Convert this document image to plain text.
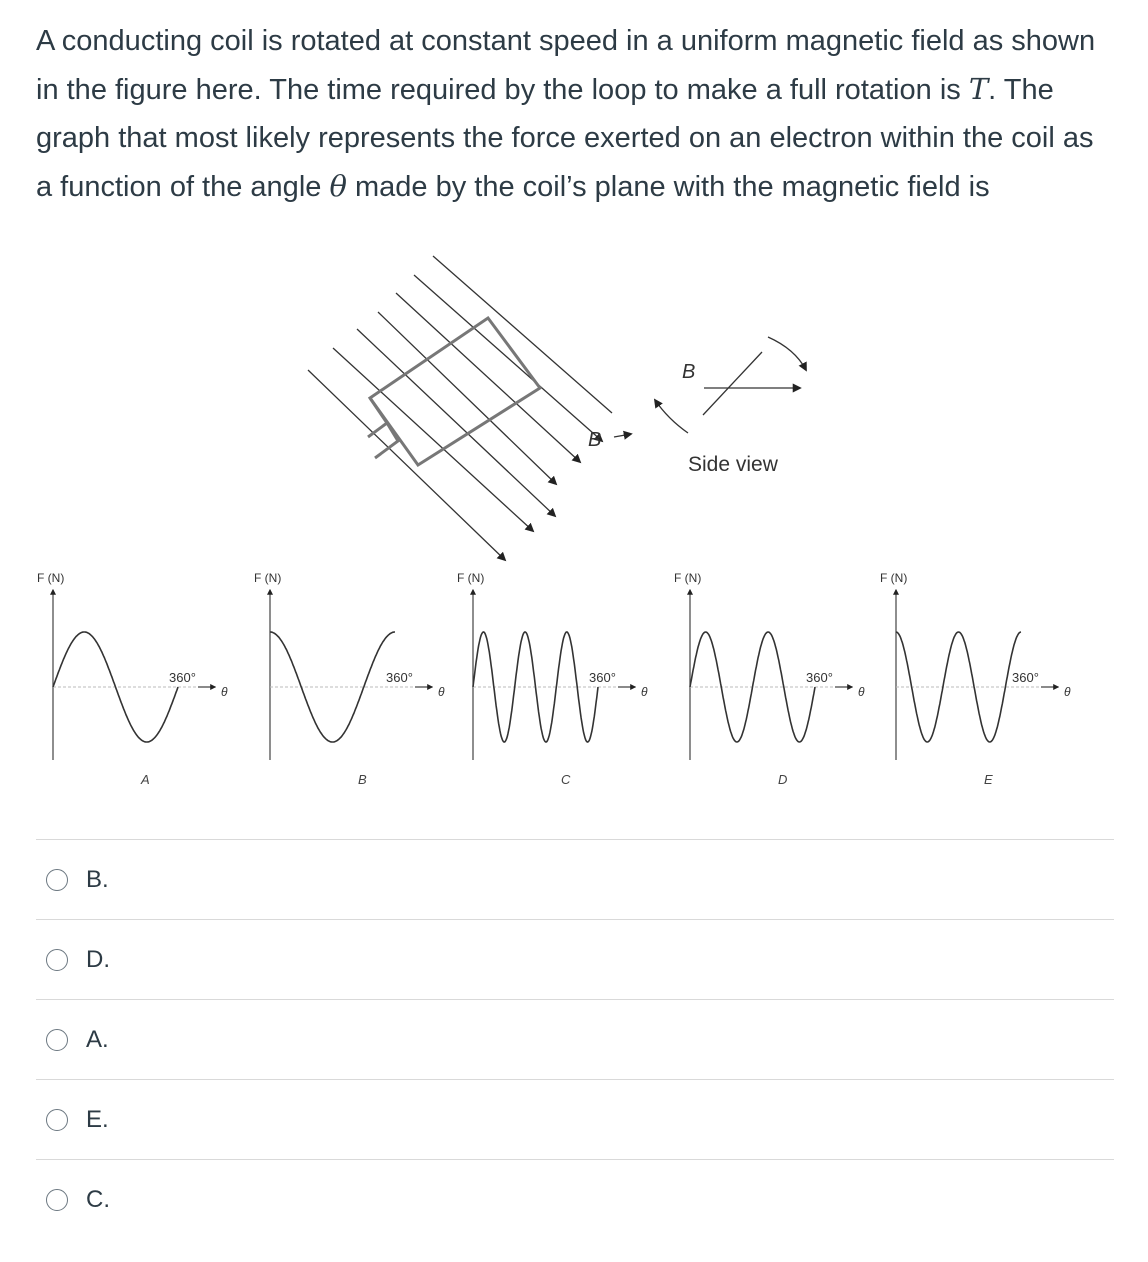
A conducting coil is rotated at constant speed in a uniform magnetic field as shown in the figure here. The time required by the loop to make a full rotation is T. The graph that most likely represents the force exerted on an electron within the coil as a function of the angle θ made by the coil’s plane with the magnetic field is

B
B
Side view
F (N)
θ
360°
A
F (N)
θ
360°
B
F (N)
θ
360°
C
F (N)
θ
360°
D
F (N)
θ
360°
E
B.
D.
A.
E.
C.
